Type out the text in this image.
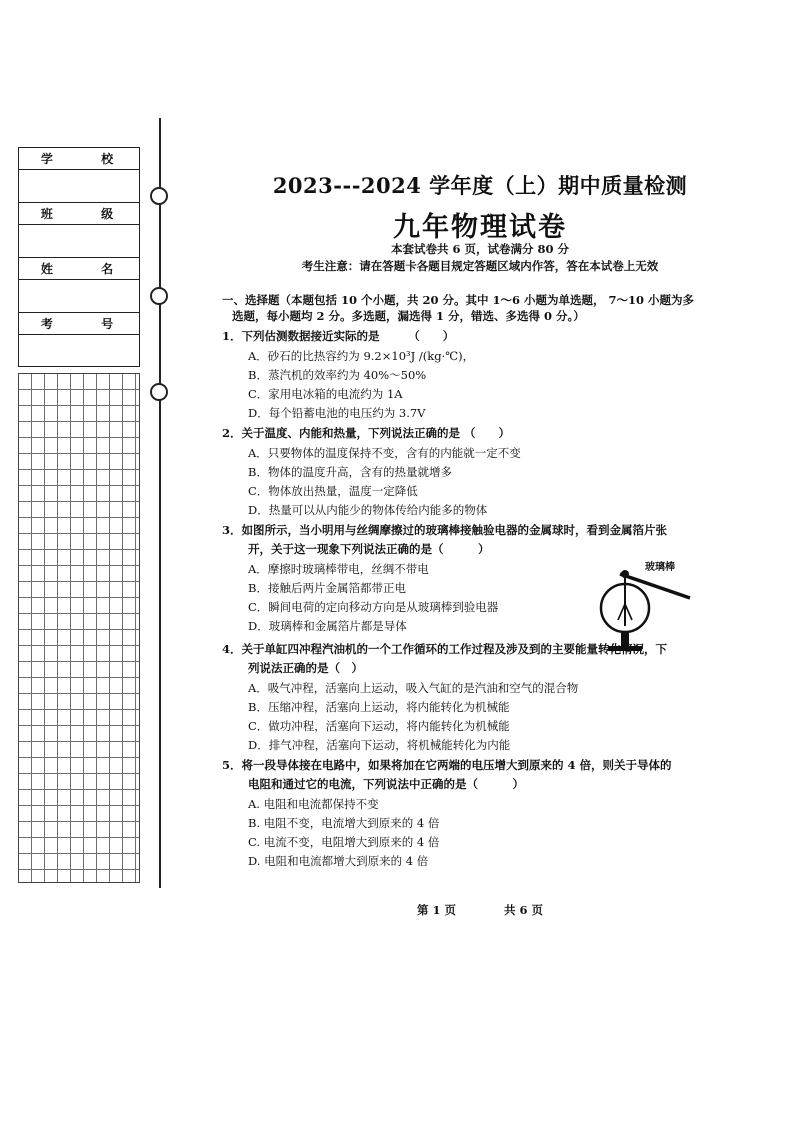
学 校
班 级
姓 名
考 号
2023---2024 学年度（上）期中质量检测
九年物理试卷
本套试卷共 6 页，试卷满分 80 分
考生注意：请在答题卡各题目规定答题区域内作答，答在本试卷上无效
一、选择题（本题包括 10 个小题，共 20 分。其中 1～6 小题为单选题， 7～10 小题为多
选题，每小题均 2 分。多选题，漏选得 1 分，错选、多选得 0 分。）
1．下列估测数据接近实际的是　　　（　　）
A．砂石的比热容约为 9.2×10³J /(kg·℃)，
B．蒸汽机的效率约为 40%～50%
C．家用电冰箱的电流约为 1A
D．每个铅蓄电池的电压约为 3.7V
2．关于温度、内能和热量，下列说法正确的是 （　　）
A．只要物体的温度保持不变，含有的内能就一定不变
B．物体的温度升高，含有的热量就增多
C．物体放出热量，温度一定降低
D．热量可以从内能少的物体传给内能多的物体
3．如图所示，当小明用与丝绸摩擦过的玻璃棒接触验电器的金属球时，看到金属箔片张
开，关于这一现象下列说法正确的是（　　　）
A．摩擦时玻璃棒带电，丝绸不带电
B．接触后两片金属箔都带正电
C．瞬间电荷的定向移动方向是从玻璃棒到验电器
D．玻璃棒和金属箔片都是导体
玻璃棒
4．关于单缸四冲程汽油机的一个工作循环的工作过程及涉及到的主要能量转化情况，下
列说法正确的是（　）
A．吸气冲程，活塞向上运动，吸入气缸的是汽油和空气的混合物
B．压缩冲程，活塞向上运动，将内能转化为机械能
C．做功冲程，活塞向下运动，将内能转化为机械能
D．排气冲程，活塞向下运动，将机械能转化为内能
5．将一段导体接在电路中，如果将加在它两端的电压增大到原来的 4 倍，则关于导体的
电阻和通过它的电流，下列说法中正确的是（　　　）
A. 电阻和电流都保持不变
B. 电阻不变，电流增大到原来的 4 倍
C. 电流不变，电阻增大到原来的 4 倍
D. 电阻和电流都增大到原来的 4 倍
第 1 页	共 6 页
